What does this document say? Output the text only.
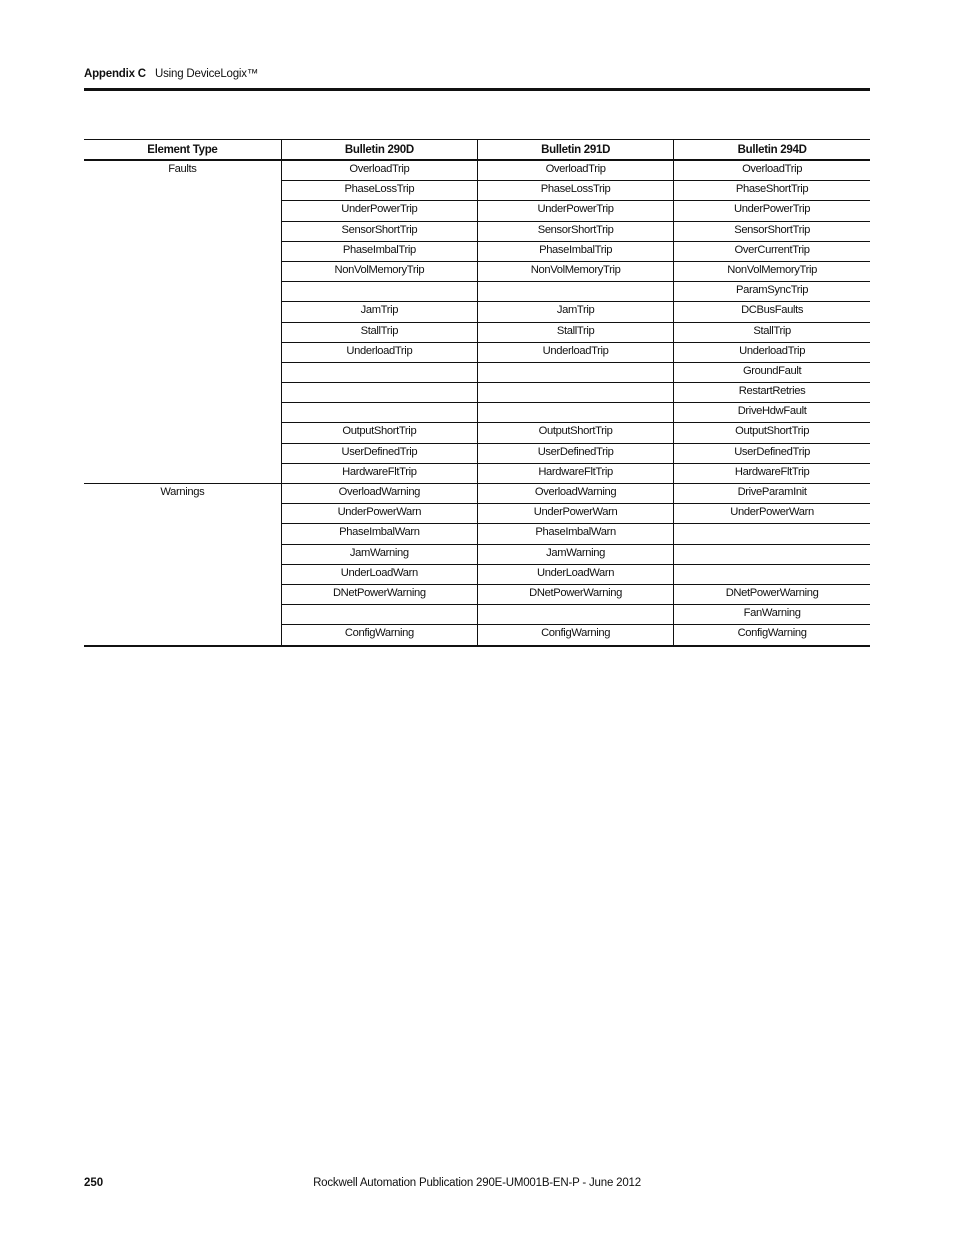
Appendix C Using DeviceLogix™
Element Type	Bulletin 290D	Bulletin 291D	Bulletin 294D
Faults	OverloadTrip	OverloadTrip	OverloadTrip
	PhaseLossTrip	PhaseLossTrip	PhaseShortTrip
	UnderPowerTrip	UnderPowerTrip	UnderPowerTrip
	SensorShortTrip	SensorShortTrip	SensorShortTrip
	PhaseImbalTrip	PhaseImbalTrip	OverCurrentTrip
	NonVolMemoryTrip	NonVolMemoryTrip	NonVolMemoryTrip
			ParamSyncTrip
	JamTrip	JamTrip	DCBusFaults
	StallTrip	StallTrip	StallTrip
	UnderloadTrip	UnderloadTrip	UnderloadTrip
			GroundFault
			RestartRetries
			DriveHdwFault
	OutputShortTrip	OutputShortTrip	OutputShortTrip
	UserDefinedTrip	UserDefinedTrip	UserDefinedTrip
	HardwareFltTrip	HardwareFltTrip	HardwareFltTrip
Warnings	OverloadWarning	OverloadWarning	DriveParamInit
	UnderPowerWarn	UnderPowerWarn	UnderPowerWarn
	PhaseImbalWarn	PhaseImbalWarn	
	JamWarning	JamWarning	
	UnderLoadWarn	UnderLoadWarn	
	DNetPowerWarning	DNetPowerWarning	DNetPowerWarning
			FanWarning
	ConfigWarning	ConfigWarning	ConfigWarning
250	Rockwell Automation Publication 290E-UM001B-EN-P - June 2012
